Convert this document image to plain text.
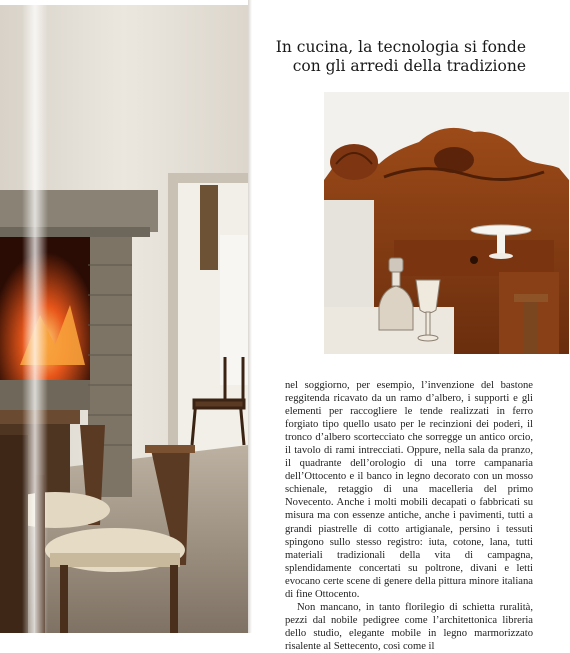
In cucina, la tecnologia si fonde
con gli arredi della tradizione

nel soggiorno, per esempio, l’invenzione del bastone reggitenda ricavato da un ramo d’albero, i supporti e gli elementi per raccogliere le tende realizzati in ferro forgiato tipo quello usato per le recinzioni dei poderi, il tronco d’albero scortecciato che sorregge un antico orcio, il tavolo di rami intrecciati. Oppure, nella sala da pranzo, il quadrante dell’orologio di una torre campanaria dell’Ottocento e il banco in legno decorato con un mosso schienale, retaggio di una macelleria del primo Novecento. Anche i molti mobili decapati o fabbricati su misura ma con essenze antiche, anche i pavimenti, tutti a grandi piastrelle di cotto artigianale, persino i tessuti spingono sullo stesso registro: iuta, cotone, lana, tutti materiali tradizionali della vita di campagna, splendidamente concertati su poltrone, divani e letti evocano certe scene di genere della pittura minore italiana di fine Ottocento.

Non mancano, in tanto florilegio di schietta ruralità, pezzi dal nobile pedigree come l’architettonica libreria dello studio, elegante mobile in legno marmorizzato risalente al Settecento, così come il
